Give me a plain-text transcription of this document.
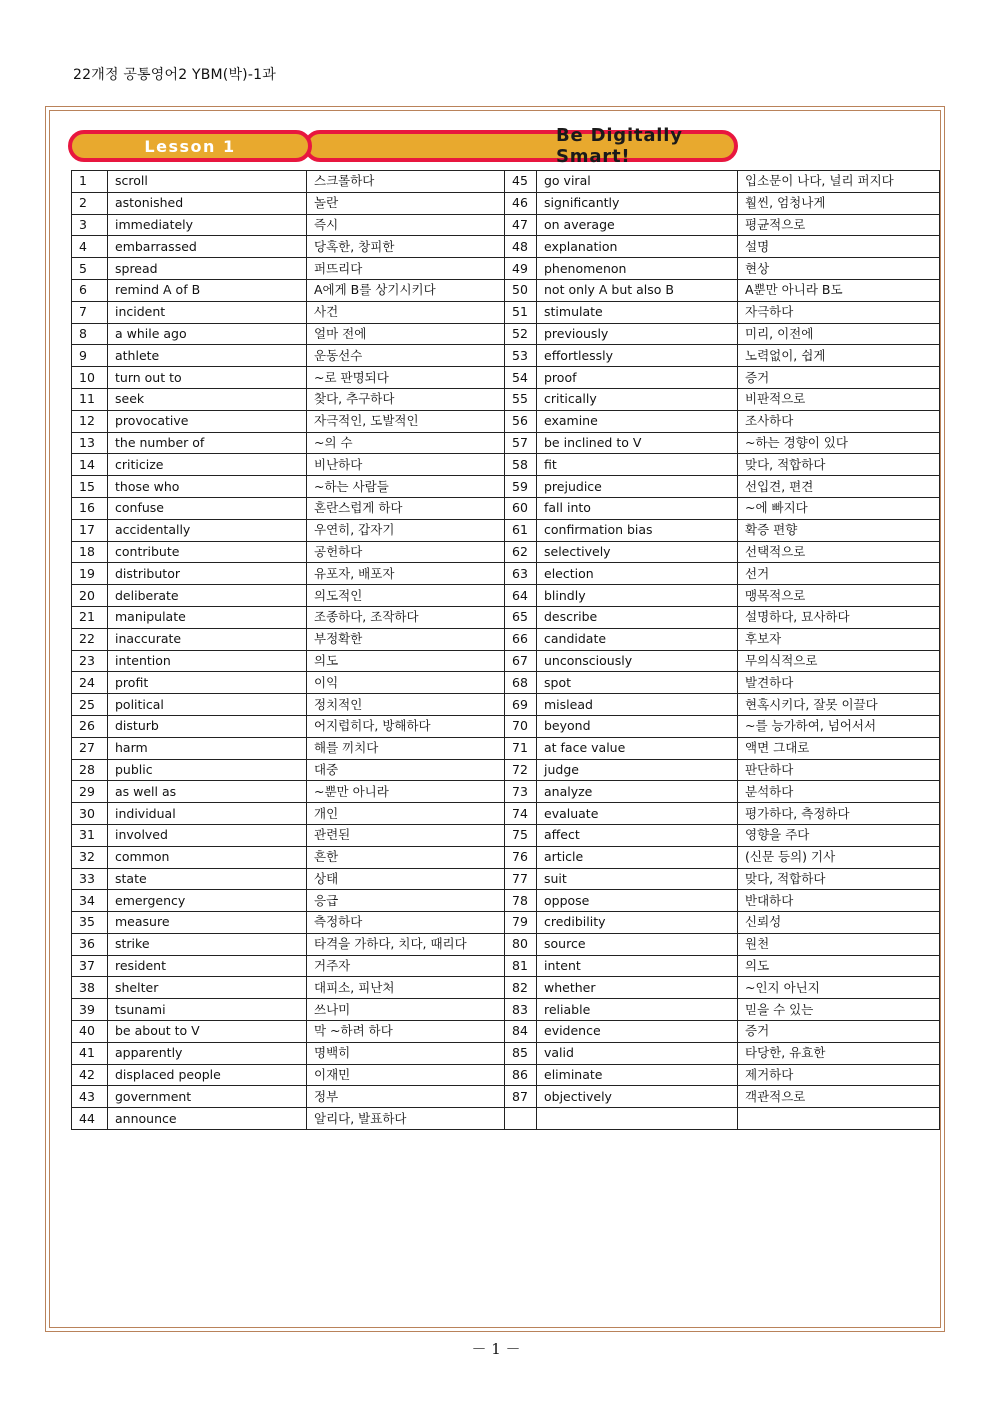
22개정 공통영어2 YBM(박)-1과
Be Digitally Smart!
Lesson 1
1	scroll	스크롤하다	45	go viral	입소문이 나다, 널리 퍼지다
2	astonished	놀란	46	significantly	훨씬, 엄청나게
3	immediately	즉시	47	on average	평균적으로
4	embarrassed	당혹한, 창피한	48	explanation	설명
5	spread	퍼뜨리다	49	phenomenon	현상
6	remind A of B	A에게 B를 상기시키다	50	not only A but also B	A뿐만 아니라 B도
7	incident	사건	51	stimulate	자극하다
8	a while ago	얼마 전에	52	previously	미리, 이전에
9	athlete	운동선수	53	effortlessly	노력없이, 쉽게
10	turn out to	~로 판명되다	54	proof	증거
11	seek	찾다, 추구하다	55	critically	비판적으로
12	provocative	자극적인, 도발적인	56	examine	조사하다
13	the number of	~의 수	57	be inclined to V	~하는 경향이 있다
14	criticize	비난하다	58	fit	맞다, 적합하다
15	those who	~하는 사람들	59	prejudice	선입견, 편견
16	confuse	혼란스럽게 하다	60	fall into	~에 빠지다
17	accidentally	우연히, 갑자기	61	confirmation bias	확증 편향
18	contribute	공헌하다	62	selectively	선택적으로
19	distributor	유포자, 배포자	63	election	선거
20	deliberate	의도적인	64	blindly	맹목적으로
21	manipulate	조종하다, 조작하다	65	describe	설명하다, 묘사하다
22	inaccurate	부정확한	66	candidate	후보자
23	intention	의도	67	unconsciously	무의식적으로
24	profit	이익	68	spot	발견하다
25	political	정치적인	69	mislead	현혹시키다, 잘못 이끌다
26	disturb	어지럽히다, 방해하다	70	beyond	~를 능가하여, 넘어서서
27	harm	해를 끼치다	71	at face value	액면 그대로
28	public	대중	72	judge	판단하다
29	as well as	~뿐만 아니라	73	analyze	분석하다
30	individual	개인	74	evaluate	평가하다, 측정하다
31	involved	관련된	75	affect	영향을 주다
32	common	흔한	76	article	(신문 등의) 기사
33	state	상태	77	suit	맞다, 적합하다
34	emergency	응급	78	oppose	반대하다
35	measure	측정하다	79	credibility	신뢰성
36	strike	타격을 가하다, 치다, 때리다	80	source	원천
37	resident	거주자	81	intent	의도
38	shelter	대피소, 피난처	82	whether	~인지 아닌지
39	tsunami	쓰나미	83	reliable	믿을 수 있는
40	be about to V	막 ~하려 하다	84	evidence	증거
41	apparently	명백히	85	valid	타당한, 유효한
42	displaced people	이재민	86	eliminate	제거하다
43	government	정부	87	objectively	객관적으로
44	announce	알리다, 발표하다			
－ 1 －
